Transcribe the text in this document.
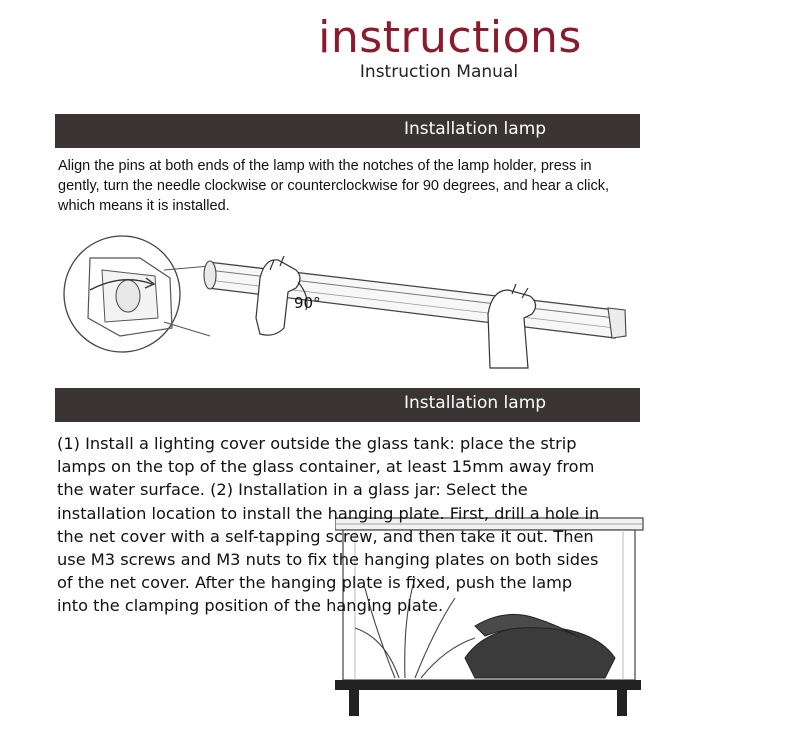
instructions
Instruction Manual
Installation lamp
Align the pins at both ends of the lamp with the notches of the lamp holder, press in gently, turn the needle clockwise or counterclockwise for 90 degrees, and hear a click, which means it is installed.
90°
Installation lamp
(1) Install a lighting cover outside the glass tank: place the strip lamps on the top of the glass container, at least 15mm away from the water surface. (2) Installation in a glass jar: Select the installation location to install the hanging plate. First, drill a hole in the net cover with a self-tapping screw, and then take it out. Then use M3 screws and M3 nuts to fix the hanging plates on both sides of the net cover. After the hanging plate is fixed, push the lamp into the clamping position of the hanging plate.
